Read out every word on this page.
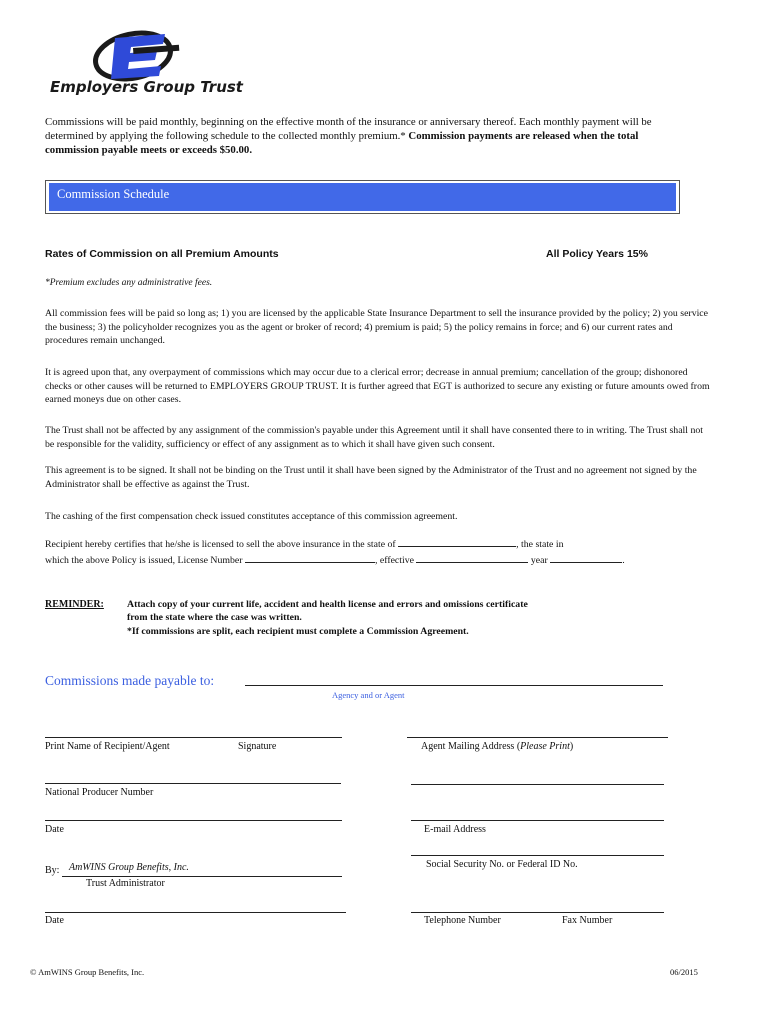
Employers Group Trust
Commissions will be paid monthly, beginning on the effective month of the insurance or anniversary thereof. Each monthly payment will be determined by applying the following schedule to the collected monthly premium.* Commission payments are released when the total commission payable meets or exceeds $50.00.
Commission Schedule
Rates of Commission on all Premium Amounts	All Policy Years 15%
*Premium excludes any administrative fees.
All commission fees will be paid so long as; 1) you are licensed by the applicable State Insurance Department to sell the insurance provided by the policy; 2) you service the business; 3) the policyholder recognizes you as the agent or broker of record; 4) premium is paid; 5) the policy remains in force; and 6) our current rates and procedures remain unchanged.
It is agreed upon that, any overpayment of commissions which may occur due to a clerical error; decrease in annual premium; cancellation of the group; dishonored checks or other causes will be returned to EMPLOYERS GROUP TRUST. It is further agreed that EGT is authorized to secure any existing or future amounts owed from earned moneys due on other cases.
The Trust shall not be affected by any assignment of the commission's payable under this Agreement until it shall have consented there to in writing. The Trust shall not be responsible for the validity, sufficiency or effect of any assignment as to which it shall have given such consent.
This agreement is to be signed. It shall not be binding on the Trust until it shall have been signed by the Administrator of the Trust and no agreement not signed by the Administrator shall be effective as against the Trust.
The cashing of the first compensation check issued constitutes acceptance of this commission agreement.
Recipient hereby certifies that he/she is licensed to sell the above insurance in the state of	, the state in
which the above Policy is issued, License Number	, effective	year	.
REMINDER: Attach copy of your current life, accident and health license and errors and omissions certificate
from the state where the case was written.
*If commissions are split, each recipient must complete a Commission Agreement.
Commissions made payable to:
Agency and or Agent
Print Name of Recipient/Agent	Signature	Agent Mailing Address (Please Print)
National Producer Number
Date	E-mail Address
Social Security No. or Federal ID No.
By: AmWINS Group Benefits, Inc.
Trust Administrator
Date	Telephone Number	Fax Number
© AmWINS Group Benefits, Inc.	06/2015
